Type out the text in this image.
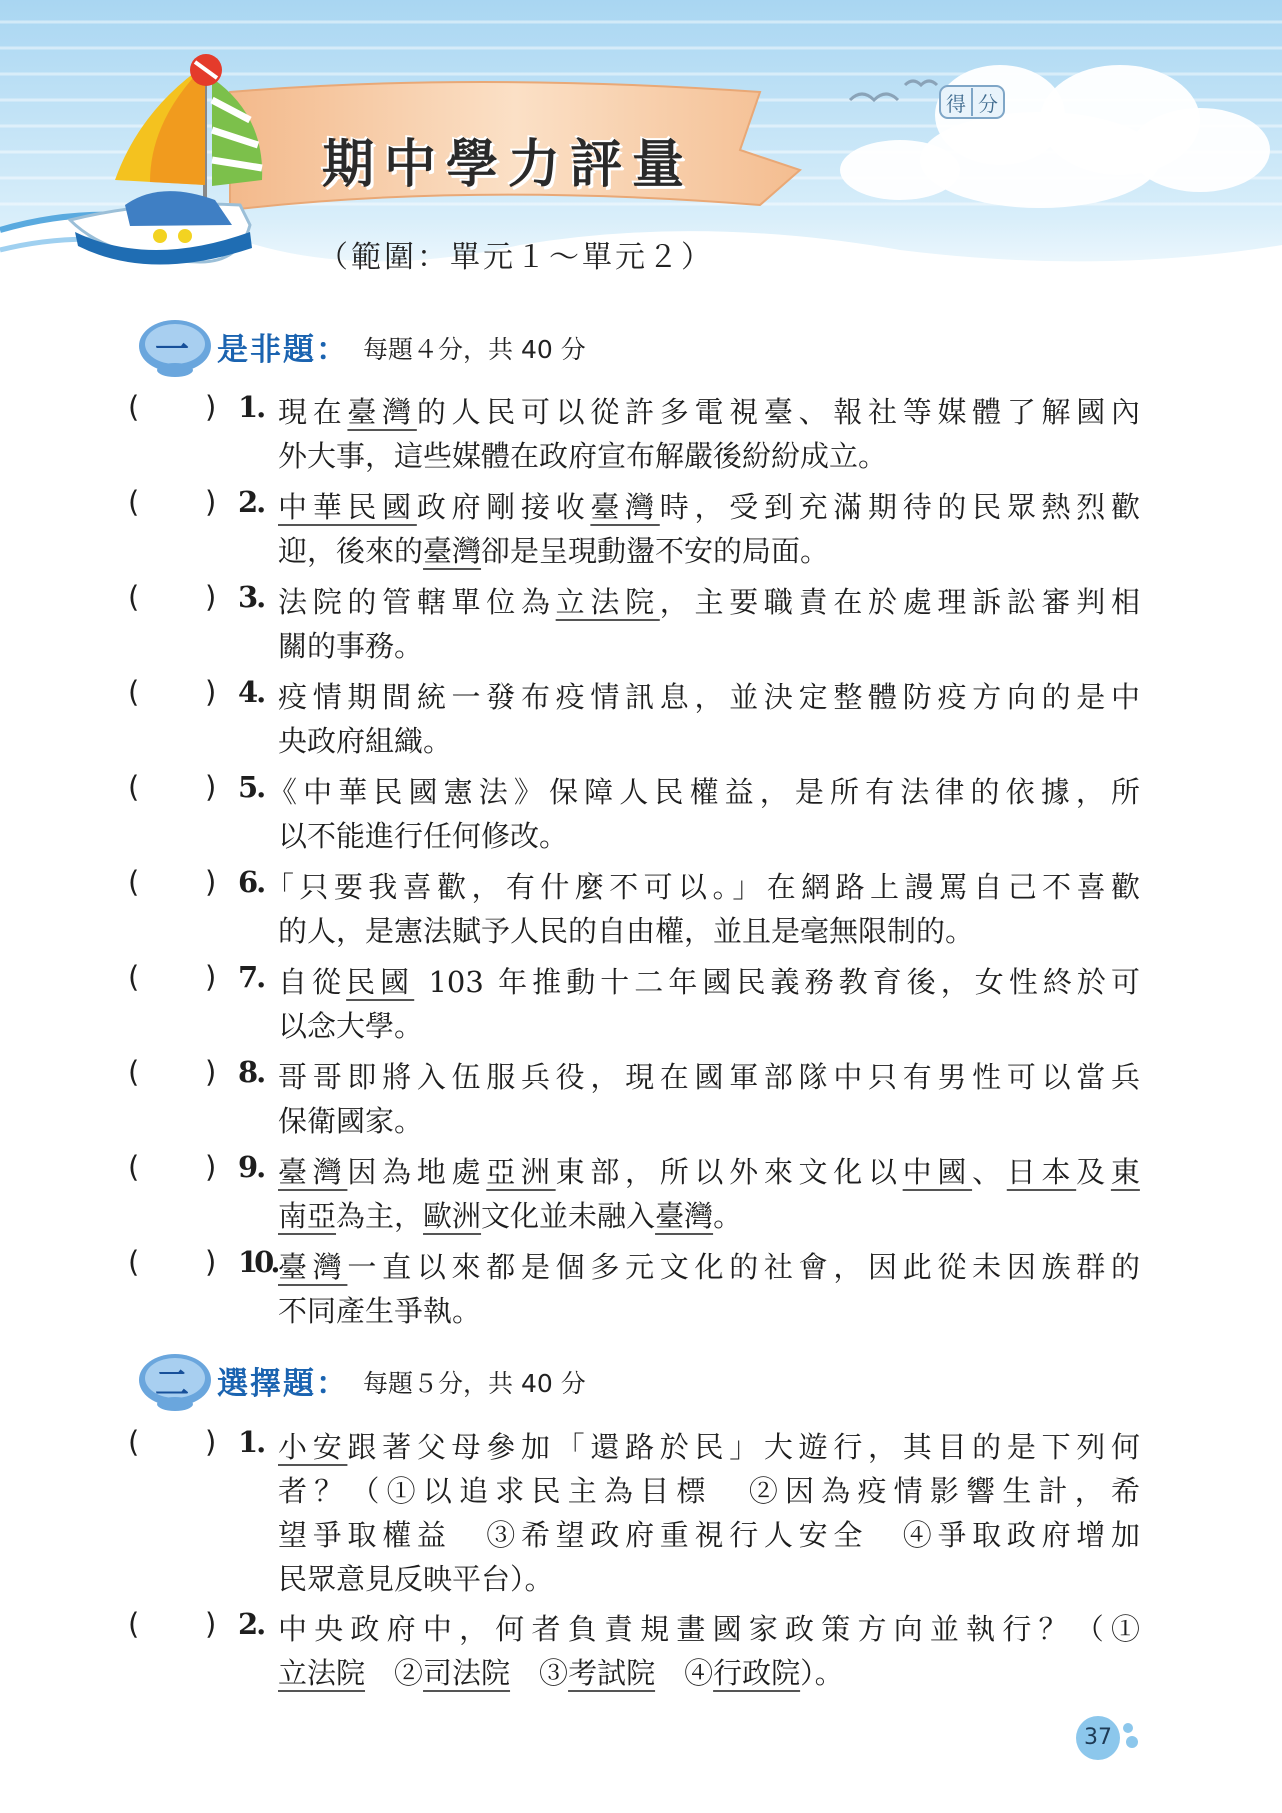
期中學力評量
（範圍：單元１～單元２）
得 分
一 是非題： 每題４分，共 40 分
( ) 1. 現在臺灣的人民可以從許多電視臺、報社等媒體了解國內
外大事，這些媒體在政府宣布解嚴後紛紛成立。
( ) 2. 中華民國政府剛接收臺灣時，受到充滿期待的民眾熱烈歡
迎，後來的臺灣卻是呈現動盪不安的局面。
( ) 3. 法院的管轄單位為立法院，主要職責在於處理訴訟審判相
關的事務。
( ) 4. 疫情期間統一發布疫情訊息，並決定整體防疫方向的是中
央政府組織。
( ) 5. 《中華民國憲法》保障人民權益，是所有法律的依據，所
以不能進行任何修改。
( ) 6. 「只要我喜歡，有什麼不可以。」在網路上謾罵自己不喜歡
的人，是憲法賦予人民的自由權，並且是毫無限制的。
( ) 7. 自從民國 103 年推動十二年國民義務教育後，女性終於可
以念大學。
( ) 8. 哥哥即將入伍服兵役，現在國軍部隊中只有男性可以當兵
保衛國家。
( ) 9. 臺灣因為地處亞洲東部，所以外來文化以中國、日本及東
南亞為主，歐洲文化並未融入臺灣。
( ) 10. 臺灣一直以來都是個多元文化的社會，因此從未因族群的
不同產生爭執。
二 選擇題： 每題５分，共 40 分
( ) 1. 小安跟著父母參加「還路於民」大遊行，其目的是下列何
者？（①以追求民主為目標　②因為疫情影響生計，希
望爭取權益　③希望政府重視行人安全　④爭取政府增加
民眾意見反映平台）。
( ) 2. 中央政府中，何者負責規畫國家政策方向並執行？（①
立法院　②司法院　③考試院　④行政院）。
37
